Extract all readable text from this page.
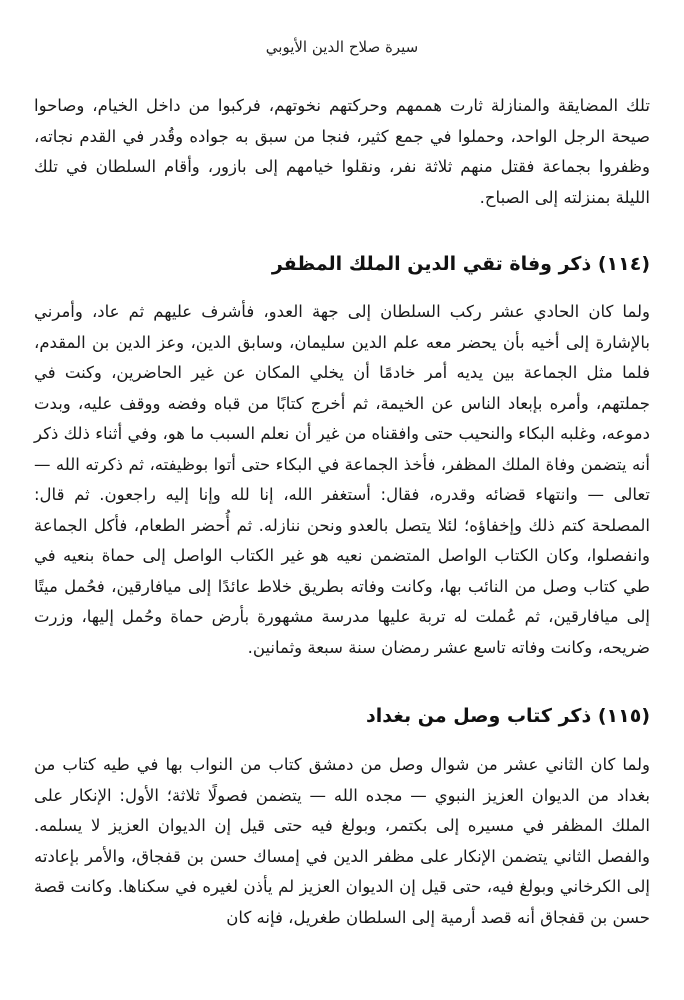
سيرة صلاح الدين الأيوبي

تلك المضايقة والمنازلة ثارت هممهم وحركتهم نخوتهم، فركبوا من داخل الخيام، وصاحوا صيحة الرجل الواحد، وحملوا في جمع كثير، فنجا من سبق به جواده وقُدر في القدم نجاته، وظفروا بجماعة فقتل منهم ثلاثة نفر، ونقلوا خيامهم إلى بازور، وأقام السلطان في تلك الليلة بمنزلته إلى الصباح.

(١١٤) ذكر وفاة تقي الدين الملك المظفر

ولما كان الحادي عشر ركب السلطان إلى جهة العدو، فأشرف عليهم ثم عاد، وأمرني بالإشارة إلى أخيه بأن يحضر معه علم الدين سليمان، وسابق الدين، وعز الدين بن المقدم، فلما مثل الجماعة بين يديه أمر خادمًا أن يخلي المكان عن غير الحاضرين، وكنت في جملتهم، وأمره بإبعاد الناس عن الخيمة، ثم أخرج كتابًا من قباه وفضه ووقف عليه، وبدت دموعه، وغلبه البكاء والنحيب حتى وافقناه من غير أن نعلم السبب ما هو، وفي أثناء ذلك ذكر أنه يتضمن وفاة الملك المظفر، فأخذ الجماعة في البكاء حتى أتوا بوظيفته، ثم ذكرته الله — تعالى — وانتهاء قضائه وقدره، فقال: أستغفر الله، إنا لله وإنا إليه راجعون. ثم قال: المصلحة كتم ذلك وإخفاؤه؛ لئلا يتصل بالعدو ونحن ننازله. ثم أُحضر الطعام، فأكل الجماعة وانفصلوا، وكان الكتاب الواصل المتضمن نعيه هو غير الكتاب الواصل إلى حماة بنعيه في طي كتاب وصل من النائب بها، وكانت وفاته بطريق خلاط عائدًا إلى ميافارقين، فحُمل ميتًا إلى ميافارقين، ثم عُملت له تربة عليها مدرسة مشهورة بأرض حماة وحُمل إليها، وزرت ضريحه، وكانت وفاته تاسع عشر رمضان سنة سبعة وثمانين.

(١١٥) ذكر كتاب وصل من بغداد

ولما كان الثاني عشر من شوال وصل من دمشق كتاب من النواب بها في طيه كتاب من بغداد من الديوان العزيز النبوي — مجده الله — يتضمن فصولًا ثلاثة؛ الأول: الإنكار على الملك المظفر في مسيره إلى بكتمر، وبولغ فيه حتى قيل إن الديوان العزيز لا يسلمه. والفصل الثاني يتضمن الإنكار على مظفر الدين في إمساك حسن بن قفجاق، والأمر بإعادته إلى الكرخاني وبولغ فيه، حتى قيل إن الديوان العزيز لم يأذن لغيره في سكناها. وكانت قصة حسن بن قفجاق أنه قصد أرمية إلى السلطان طغريل، فإنه كان
